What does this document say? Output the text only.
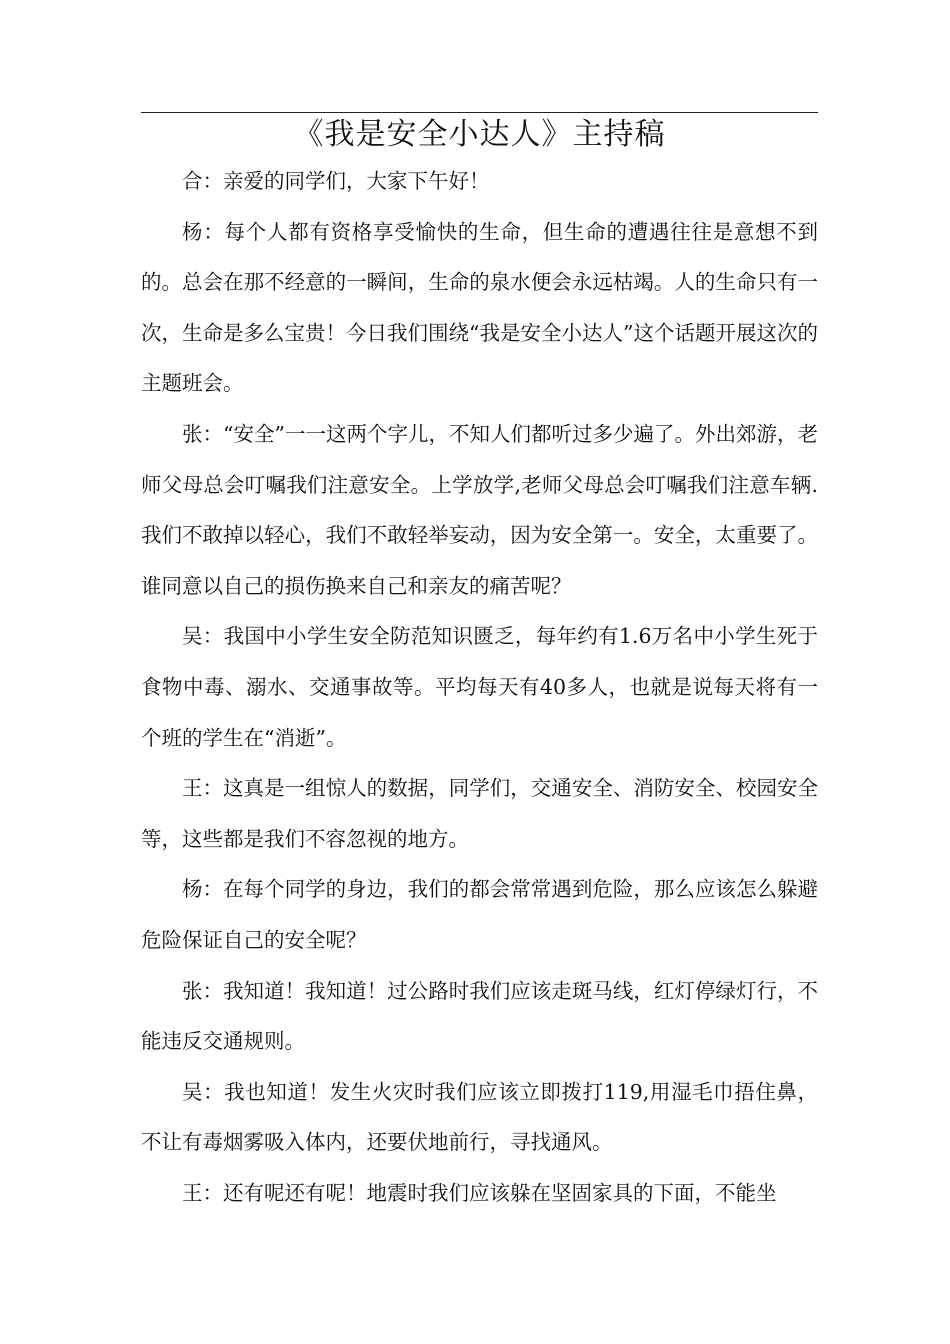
《我是安全小达人》主持稿

合：亲爱的同学们，大家下午好！

杨：每个人都有资格享受愉快的生命，但生命的遭遇往往是意想不到的。总会在那不经意的一瞬间，生命的泉水便会永远枯竭。人的生命只有一次，生命是多么宝贵！今日我们围绕“我是安全小达人”这个话题开展这次的主题班会。

张：“安全”一一这两个字儿，不知人们都听过多少遍了。外出郊游，老师父母总会叮嘱我们注意安全。上学放学,老师父母总会叮嘱我们注意车辆.我们不敢掉以轻心，我们不敢轻举妄动，因为安全第一。安全，太重要了。谁同意以自己的损伤换来自己和亲友的痛苦呢？

吴：我国中小学生安全防范知识匮乏，每年约有1.6万名中小学生死于食物中毒、溺水、交通事故等。平均每天有40多人，也就是说每天将有一个班的学生在“消逝”。

王：这真是一组惊人的数据，同学们，交通安全、消防安全、校园安全等，这些都是我们不容忽视的地方。

杨：在每个同学的身边，我们的都会常常遇到危险，那么应该怎么躲避危险保证自己的安全呢？

张：我知道！我知道！过公路时我们应该走斑马线，红灯停绿灯行，不能违反交通规则。

吴：我也知道！发生火灾时我们应该立即拨打119,用湿毛巾捂住鼻，不让有毒烟雾吸入体内，还要伏地前行，寻找通风。

王：还有呢还有呢！地震时我们应该躲在坚固家具的下面，不能坐
